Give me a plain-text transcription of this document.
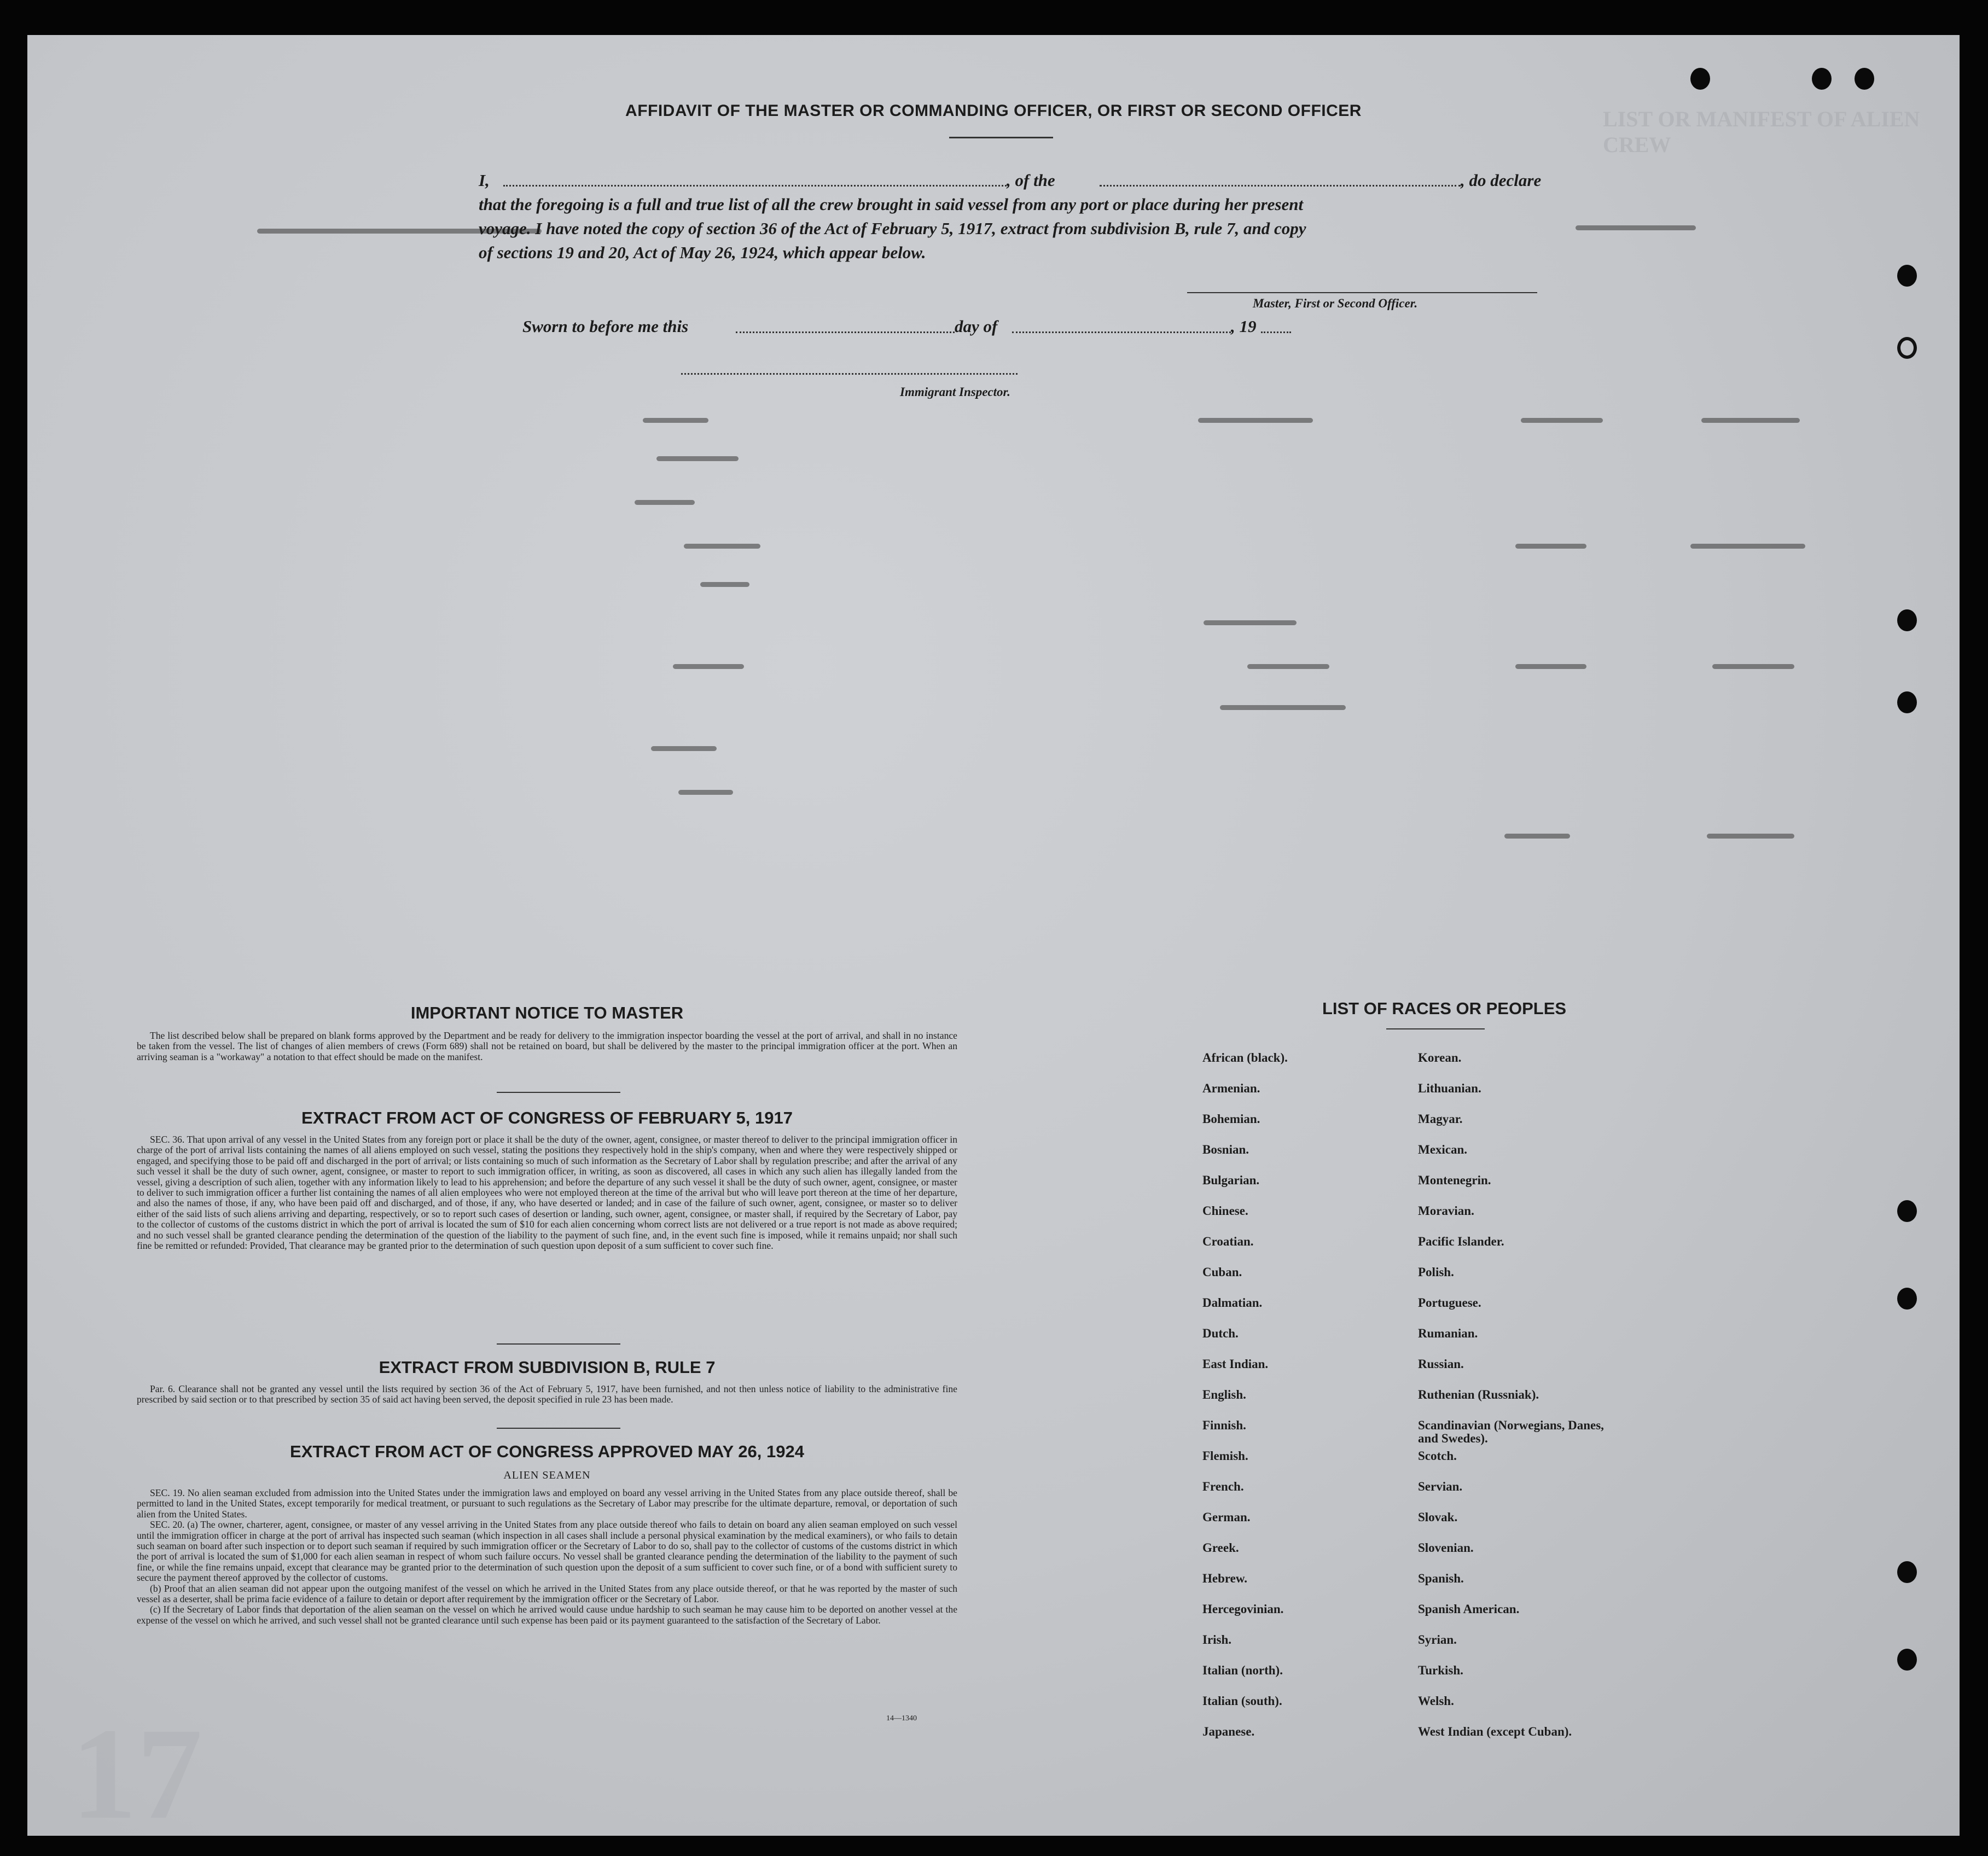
LIST OR MANIFEST OF ALIEN CREW
17
AFFIDAVIT OF THE MASTER OR COMMANDING OFFICER, OR FIRST OR SECOND OFFICER
I,	, of the	, do declare
that the foregoing is a full and true list of all the crew brought in said vessel from any port or place during her present
voyage. I have noted the copy of section 36 of the Act of February 5, 1917, extract from subdivision B, rule 7, and copy
of sections 19 and 20, Act of May 26, 1924, which appear below.
Master, First or Second Officer.
Sworn to before me this	day of	, 19
Immigrant Inspector.
IMPORTANT NOTICE TO MASTER

The list described below shall be prepared on blank forms approved by the Department and be ready for delivery to the immigration inspector boarding the vessel at the port of arrival, and shall in no instance be taken from the vessel. The list of changes of alien members of crews (Form 689) shall not be retained on board, but shall be delivered by the master to the principal immigration officer at the port. When an arriving seaman is a "workaway" a notation to that effect should be made on the manifest.

EXTRACT FROM ACT OF CONGRESS OF FEBRUARY 5, 1917

SEC. 36. That upon arrival of any vessel in the United States from any foreign port or place it shall be the duty of the owner, agent, consignee, or master thereof to deliver to the principal immigration officer in charge of the port of arrival lists containing the names of all aliens employed on such vessel, stating the positions they respectively hold in the ship's company, when and where they were respectively shipped or engaged, and specifying those to be paid off and discharged in the port of arrival; or lists containing so much of such information as the Secretary of Labor shall by regulation prescribe; and after the arrival of any such vessel it shall be the duty of such owner, agent, consignee, or master to report to such immigration officer, in writing, as soon as discovered, all cases in which any such alien has illegally landed from the vessel, giving a description of such alien, together with any information likely to lead to his apprehension; and before the departure of any such vessel it shall be the duty of such owner, agent, consignee, or master to deliver to such immigration officer a further list containing the names of all alien employees who were not employed thereon at the time of the arrival but who will leave port thereon at the time of her departure, and also the names of those, if any, who have been paid off and discharged, and of those, if any, who have deserted or landed; and in case of the failure of such owner, agent, consignee, or master so to deliver either of the said lists of such aliens arriving and departing, respectively, or so to report such cases of desertion or landing, such owner, agent, consignee, or master shall, if required by the Secretary of Labor, pay to the collector of customs of the customs district in which the port of arrival is located the sum of $10 for each alien concerning whom correct lists are not delivered or a true report is not made as above required; and no such vessel shall be granted clearance pending the determination of the question of the liability to the payment of such fine, and, in the event such fine is imposed, while it remains unpaid; nor shall such fine be remitted or refunded: Provided, That clearance may be granted prior to the determination of such question upon deposit of a sum sufficient to cover such fine.

EXTRACT FROM SUBDIVISION B, RULE 7

Par. 6. Clearance shall not be granted any vessel until the lists required by section 36 of the Act of February 5, 1917, have been furnished, and not then unless notice of liability to the administrative fine prescribed by said section or to that prescribed by section 35 of said act having been served, the deposit specified in rule 23 has been made.

EXTRACT FROM ACT OF CONGRESS APPROVED MAY 26, 1924
ALIEN SEAMEN

SEC. 19. No alien seaman excluded from admission into the United States under the immigration laws and employed on board any vessel arriving in the United States from any place outside thereof, shall be permitted to land in the United States, except temporarily for medical treatment, or pursuant to such regulations as the Secretary of Labor may prescribe for the ultimate departure, removal, or deportation of such alien from the United States.

SEC. 20. (a) The owner, charterer, agent, consignee, or master of any vessel arriving in the United States from any place outside thereof who fails to detain on board any alien seaman employed on such vessel until the immigration officer in charge at the port of arrival has inspected such seaman (which inspection in all cases shall include a personal physical examination by the medical examiners), or who fails to detain such seaman on board after such inspection or to deport such seaman if required by such immigration officer or the Secretary of Labor to do so, shall pay to the collector of customs of the customs district in which the port of arrival is located the sum of $1,000 for each alien seaman in respect of whom such failure occurs. No vessel shall be granted clearance pending the determination of the liability to the payment of such fine, or while the fine remains unpaid, except that clearance may be granted prior to the determination of such question upon the deposit of a sum sufficient to cover such fine, or of a bond with sufficient surety to secure the payment thereof approved by the collector of customs.

(b) Proof that an alien seaman did not appear upon the outgoing manifest of the vessel on which he arrived in the United States from any place outside thereof, or that he was reported by the master of such vessel as a deserter, shall be prima facie evidence of a failure to detain or deport after requirement by the immigration officer or the Secretary of Labor.

(c) If the Secretary of Labor finds that deportation of the alien seaman on the vessel on which he arrived would cause undue hardship to such seaman he may cause him to be deported on another vessel at the expense of the vessel on which he arrived, and such vessel shall not be granted clearance until such expense has been paid or its payment guaranteed to the satisfaction of the Secretary of Labor.

14—1340
LIST OF RACES OR PEOPLES
African (black).
Armenian.
Bohemian.
Bosnian.
Bulgarian.
Chinese.
Croatian.
Cuban.
Dalmatian.
Dutch.
East Indian.
English.
Finnish.
Flemish.
French.
German.
Greek.
Hebrew.
Hercegovinian.
Irish.
Italian (north).
Italian (south).
Japanese.
Korean.
Lithuanian.
Magyar.
Mexican.
Montenegrin.
Moravian.
Pacific Islander.
Polish.
Portuguese.
Rumanian.
Russian.
Ruthenian (Russniak).
Scandinavian (Norwegians, Danes, and Swedes).
Scotch.
Servian.
Slovak.
Slovenian.
Spanish.
Spanish American.
Syrian.
Turkish.
Welsh.
West Indian (except Cuban).
